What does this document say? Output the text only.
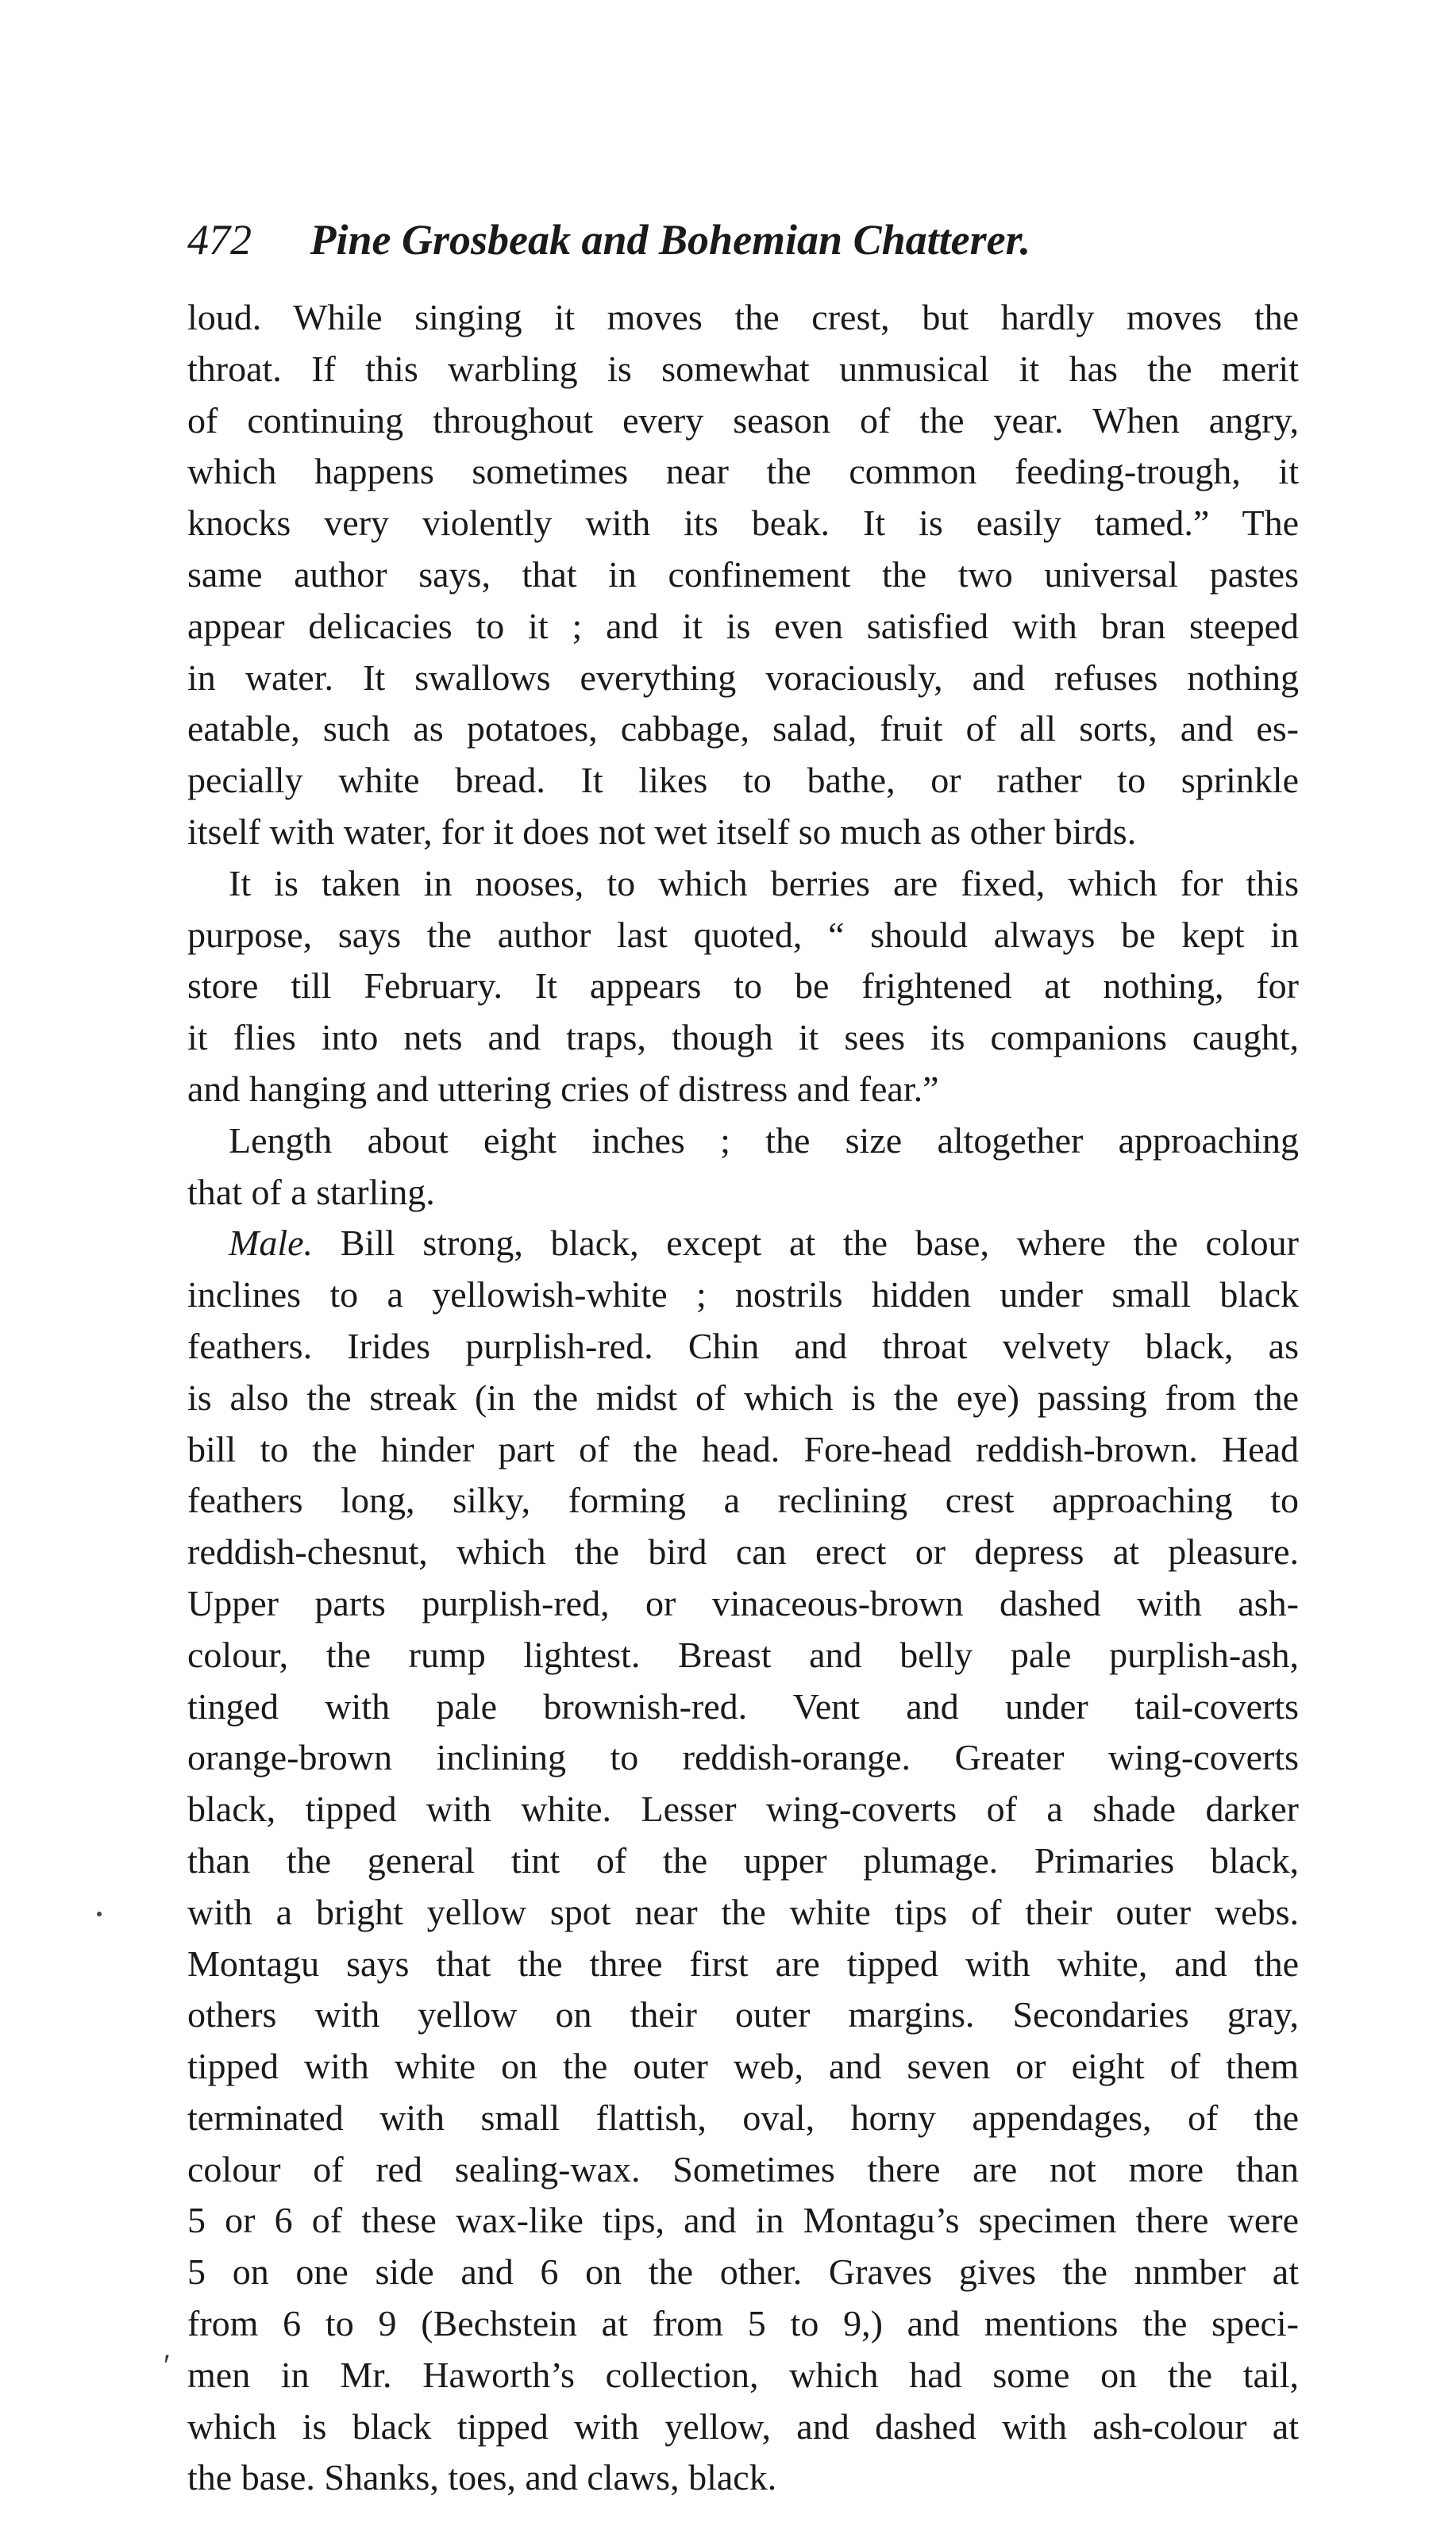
472 Pine Grosbeak and Bohemian Chatterer.
loud. While singing it moves the crest, but hardly moves the
throat. If this warbling is somewhat unmusical it has the merit
of continuing throughout every season of the year. When angry,
which happens sometimes near the common feeding-trough, it
knocks very violently with its beak. It is easily tamed.” The
same author says, that in confinement the two universal pastes
appear delicacies to it ; and it is even satisfied with bran steeped
in water. It swallows everything voraciously, and refuses nothing
eatable, such as potatoes, cabbage, salad, fruit of all sorts, and es-
pecially white bread. It likes to bathe, or rather to sprinkle
itself with water, for it does not wet itself so much as other birds.
It is taken in nooses, to which berries are fixed, which for this
purpose, says the author last quoted, “ should always be kept in
store till February. It appears to be frightened at nothing, for
it flies into nets and traps, though it sees its companions caught,
and hanging and uttering cries of distress and fear.”
Length about eight inches ; the size altogether approaching
that of a starling.
Male. Bill strong, black, except at the base, where the colour
inclines to a yellowish-white ; nostrils hidden under small black
feathers. Irides purplish-red. Chin and throat velvety black, as
is also the streak (in the midst of which is the eye) passing from the
bill to the hinder part of the head. Fore-head reddish-brown. Head
feathers long, silky, forming a reclining crest approaching to
reddish-chesnut, which the bird can erect or depress at pleasure.
Upper parts purplish-red, or vinaceous-brown dashed with ash-
colour, the rump lightest. Breast and belly pale purplish-ash,
tinged with pale brownish-red. Vent and under tail-coverts
orange-brown inclining to reddish-orange. Greater wing-coverts
black, tipped with white. Lesser wing-coverts of a shade darker
than the general tint of the upper plumage. Primaries black,
with a bright yellow spot near the white tips of their outer webs.
Montagu says that the three first are tipped with white, and the
others with yellow on their outer margins. Secondaries gray,
tipped with white on the outer web, and seven or eight of them
terminated with small flattish, oval, horny appendages, of the
colour of red sealing-wax. Sometimes there are not more than
5 or 6 of these wax-like tips, and in Montagu’s specimen there were
5 on one side and 6 on the other. Graves gives the nnmber at
from 6 to 9 (Bechstein at from 5 to 9,) and mentions the speci-
men in Mr. Haworth’s collection, which had some on the tail,
which is black tipped with yellow, and dashed with ash-colour at
the base. Shanks, toes, and claws, black.
′
